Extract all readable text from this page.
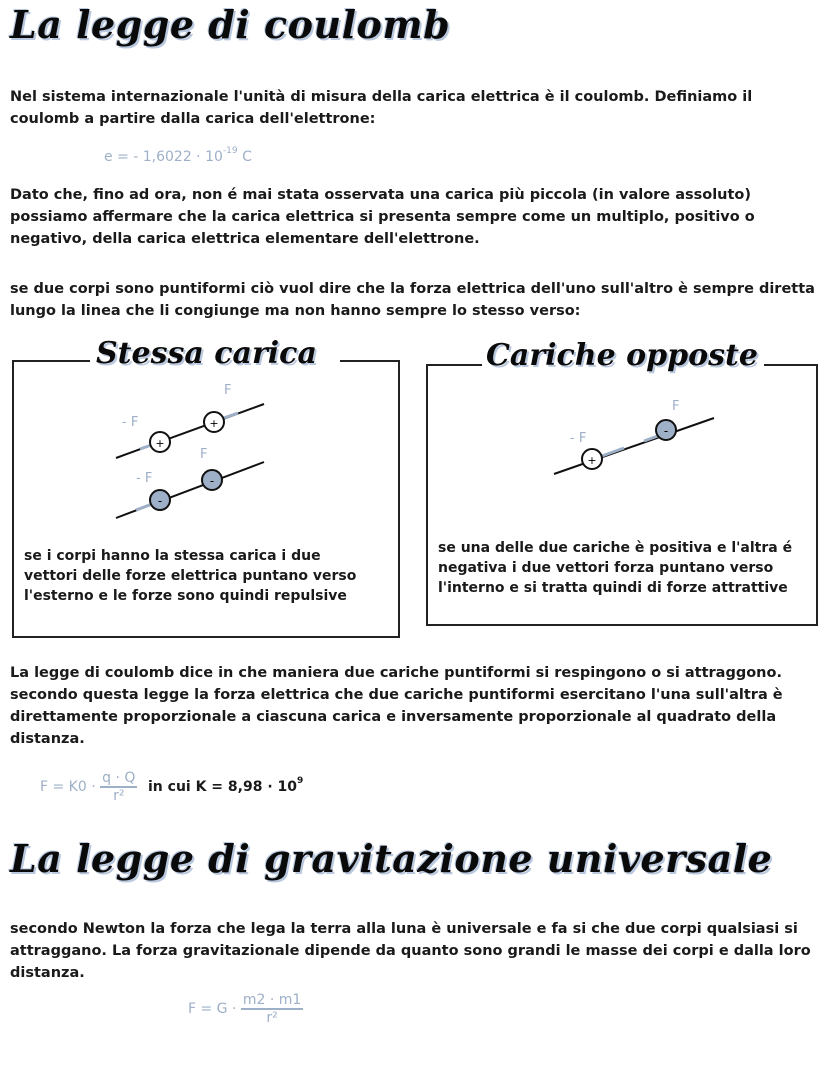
La legge di coulomb
Nel sistema internazionale l'unità di misura della carica elettrica è il coulomb. Definiamo il coulomb a partire dalla carica dell'elettrone:
e = - $1,6022 \cdot 10^{-19}$ C
Dato che, fino ad ora, non é mai stata osservata una carica più piccola (in valore assoluto) possiamo affermare che la carica elettrica si presenta sempre come un multiplo, positivo o negativo, della carica elettrica elementare dell'elettrone.
se due corpi sono puntiformi ciò vuol dire che la forza elettrica dell'uno sull'altro è sempre diretta lungo la linea che li congiunge ma non hanno sempre lo stesso verso:
Stessa carica
+
+
- F
F
-
-
- F
F
se i corpi hanno la stessa carica i due vettori delle forze elettrica puntano verso l'esterno e le forze sono quindi repulsive
Cariche opposte
+
-
- F
F
se una delle due cariche è positiva e l'altra é negativa i due vettori forza puntano verso l'interno e si tratta quindi di forze attrattive
La legge di coulomb dice in che maniera due cariche puntiformi si respingono o si attraggono. secondo questa legge la forza elettrica che due cariche puntiformi esercitano l'una sull'altra è direttamente proporzionale a ciascuna carica e inversamente proporzionale al quadrato della distanza.
$F = K0 \cdot \frac{q \cdot Q}{\text{r²}}$ in cui $K = 8,98 \cdot 10^9$
La legge di gravitazione universale
secondo Newton la forza che lega la terra alla luna è universale e fa si che due corpi qualsiasi si attraggano. La forza gravitazionale dipende da quanto sono grandi le masse dei corpi e dalla loro distanza.
$F = G \cdot \frac{m2 \cdot m1}{\text{r²}}$
